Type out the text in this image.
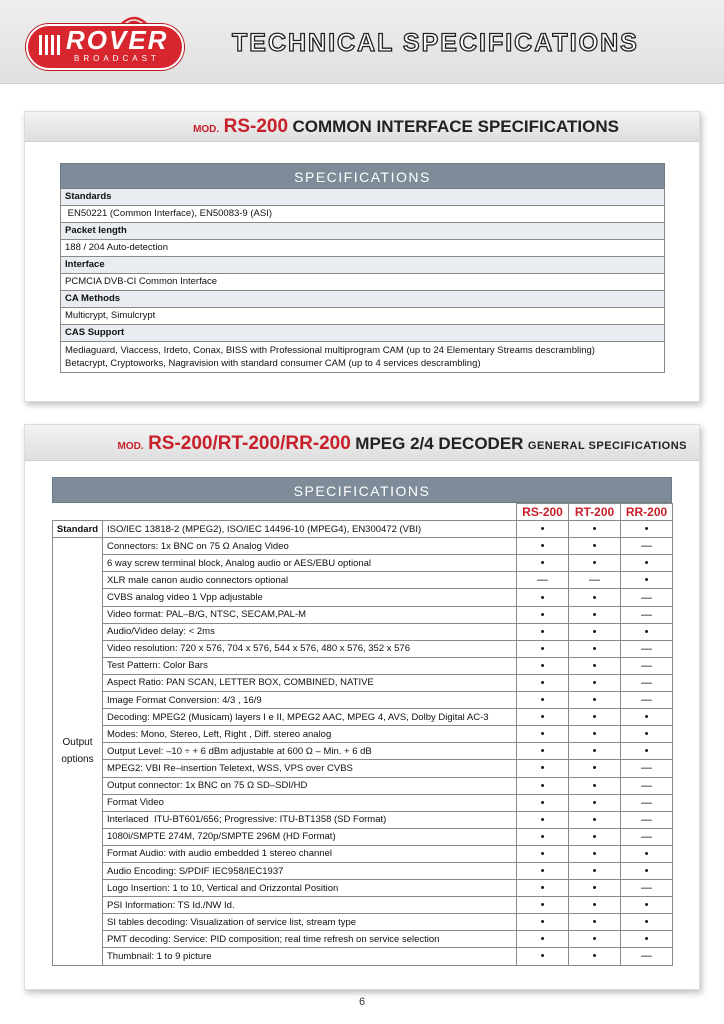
ROVER
BROADCAST
TECHNICAL SPECIFICATIONS
MOD. RS-200 COMMON INTERFACE SPECIFICATIONS
SPECIFICATIONS
Standards
EN50221 (Common Interface), EN50083-9 (ASI)
Packet length
188 / 204 Auto-detection
Interface
PCMCIA DVB-CI Common Interface
CA Methods
Multicrypt, Simulcrypt
CAS Support
Mediaguard, Viaccess, Irdeto, Conax, BISS with Professional multiprogram CAM (up to 24 Elementary Streams descrambling)
Betacrypt, Cryptoworks, Nagravision with standard consumer CAM (up to 4 services descrambling)
MOD. RS-200/RT-200/RR-200 MPEG 2/4 DECODER GENERAL SPECIFICATIONS
SPECIFICATIONS
		RS-200	RT-200	RR-200
Standard	ISO/IEC 13818-2 (MPEG2), ISO/IEC 14496-10 (MPEG4), EN300472 (VBI)	•	•	•

Output
options	Connectors: 1x BNC on 75 Ω Analog Video	•	•	—
	6 way screw terminal block, Analog audio or AES/EBU optional	•	•	•
	XLR male canon audio connectors optional	—	—	•
	CVBS analog video 1 Vpp adjustable	•	•	—
	Video format: PAL–B/G, NTSC, SECAM,PAL-M	•	•	—
	Audio/Video delay: < 2ms	•	•	•
	Video resolution: 720 x 576, 704 x 576, 544 x 576, 480 x 576, 352 x 576	•	•	—
	Test Pattern: Color Bars	•	•	—
	Aspect Ratio: PAN SCAN, LETTER BOX, COMBINED, NATIVE	•	•	—
	Image Format Conversion: 4/3 , 16/9	•	•	—
	Decoding: MPEG2 (Musicam) layers I e II, MPEG2 AAC, MPEG 4, AVS, Dolby Digital AC-3	•	•	•
	Modes: Mono, Stereo, Left, Right , Diff. stereo analog	•	•	•
	Output Level: –10 ÷ + 6 dBm adjustable at 600 Ω – Min. + 6 dB	•	•	•
	MPEG2: VBI Re–insertion Teletext, WSS, VPS over CVBS	•	•	—
	Output connector: 1x BNC on 75 Ω SD–SDI/HD	•	•	—
	Format Video	•	•	—
	Interlaced  ITU-BT601/656; Progressive: ITU-BT1358 (SD Format)	•	•	—
	1080i/SMPTE 274M, 720p/SMPTE 296M (HD Format)	•	•	—
	Format Audio: with audio embedded 1 stereo channel	•	•	•
	Audio Encoding: S/PDIF IEC958/IEC1937	•	•	•
	Logo Insertion: 1 to 10, Vertical and Orizzontal Position	•	•	—
	PSI Information: TS Id./NW Id.	•	•	•
	SI tables decoding: Visualization of service list, stream type	•	•	•
	PMT decoding: Service: PID composition; real time refresh on service selection	•	•	•
	Thumbnail: 1 to 9 picture	•	•	—
6
